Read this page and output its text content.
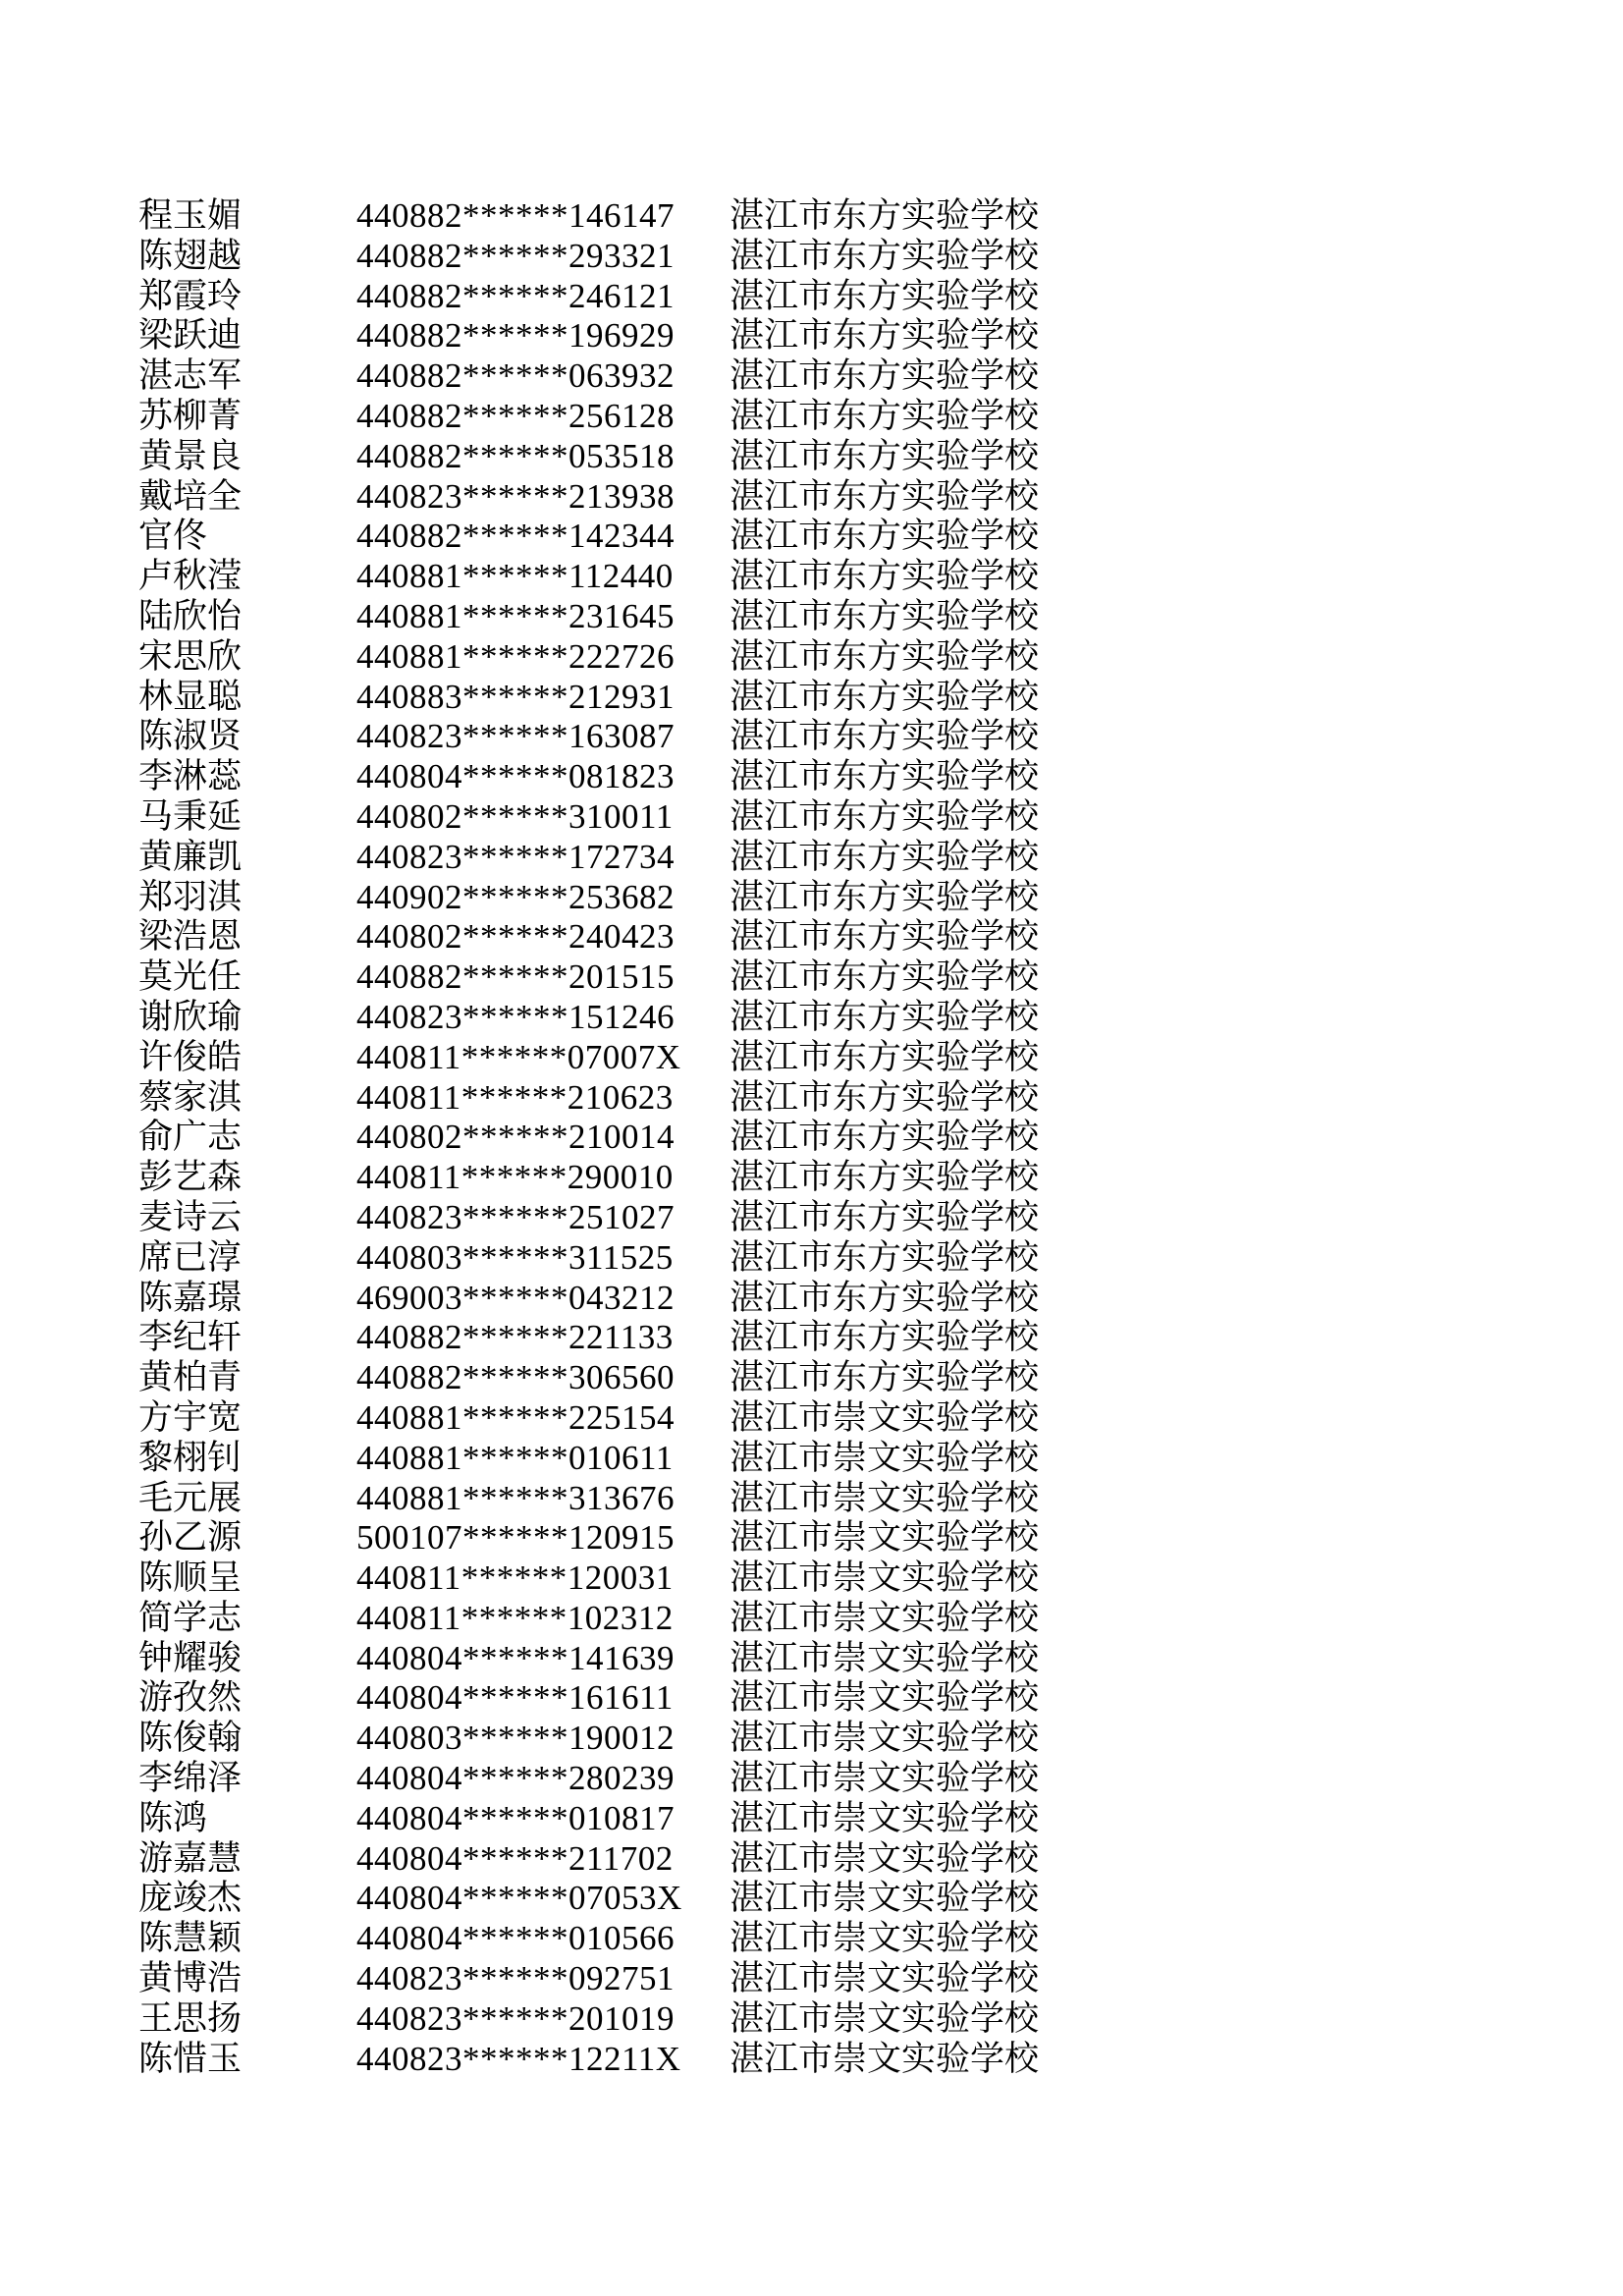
程玉媚	440882******146147	湛江市东方实验学校
陈翅越	440882******293321	湛江市东方实验学校
郑霞玲	440882******246121	湛江市东方实验学校
梁跃迪	440882******196929	湛江市东方实验学校
湛志军	440882******063932	湛江市东方实验学校
苏柳菁	440882******256128	湛江市东方实验学校
黄景良	440882******053518	湛江市东方实验学校
戴培全	440823******213938	湛江市东方实验学校
官佟	440882******142344	湛江市东方实验学校
卢秋滢	440881******112440	湛江市东方实验学校
陆欣怡	440881******231645	湛江市东方实验学校
宋思欣	440881******222726	湛江市东方实验学校
林显聪	440883******212931	湛江市东方实验学校
陈淑贤	440823******163087	湛江市东方实验学校
李淋蕊	440804******081823	湛江市东方实验学校
马秉延	440802******310011	湛江市东方实验学校
黄廉凯	440823******172734	湛江市东方实验学校
郑羽淇	440902******253682	湛江市东方实验学校
梁浩恩	440802******240423	湛江市东方实验学校
莫光任	440882******201515	湛江市东方实验学校
谢欣瑜	440823******151246	湛江市东方实验学校
许俊皓	440811******07007X	湛江市东方实验学校
蔡家淇	440811******210623	湛江市东方实验学校
俞广志	440802******210014	湛江市东方实验学校
彭艺森	440811******290010	湛江市东方实验学校
麦诗云	440823******251027	湛江市东方实验学校
席已淳	440803******311525	湛江市东方实验学校
陈嘉璟	469003******043212	湛江市东方实验学校
李纪轩	440882******221133	湛江市东方实验学校
黄柏青	440882******306560	湛江市东方实验学校
方宇宽	440881******225154	湛江市崇文实验学校
黎栩钊	440881******010611	湛江市崇文实验学校
毛元展	440881******313676	湛江市崇文实验学校
孙乙源	500107******120915	湛江市崇文实验学校
陈顺呈	440811******120031	湛江市崇文实验学校
简学志	440811******102312	湛江市崇文实验学校
钟耀骏	440804******141639	湛江市崇文实验学校
游孜然	440804******161611	湛江市崇文实验学校
陈俊翰	440803******190012	湛江市崇文实验学校
李绵泽	440804******280239	湛江市崇文实验学校
陈鸿	440804******010817	湛江市崇文实验学校
游嘉慧	440804******211702	湛江市崇文实验学校
庞竣杰	440804******07053X	湛江市崇文实验学校
陈慧颖	440804******010566	湛江市崇文实验学校
黄博浩	440823******092751	湛江市崇文实验学校
王思扬	440823******201019	湛江市崇文实验学校
陈惜玉	440823******12211X	湛江市崇文实验学校
